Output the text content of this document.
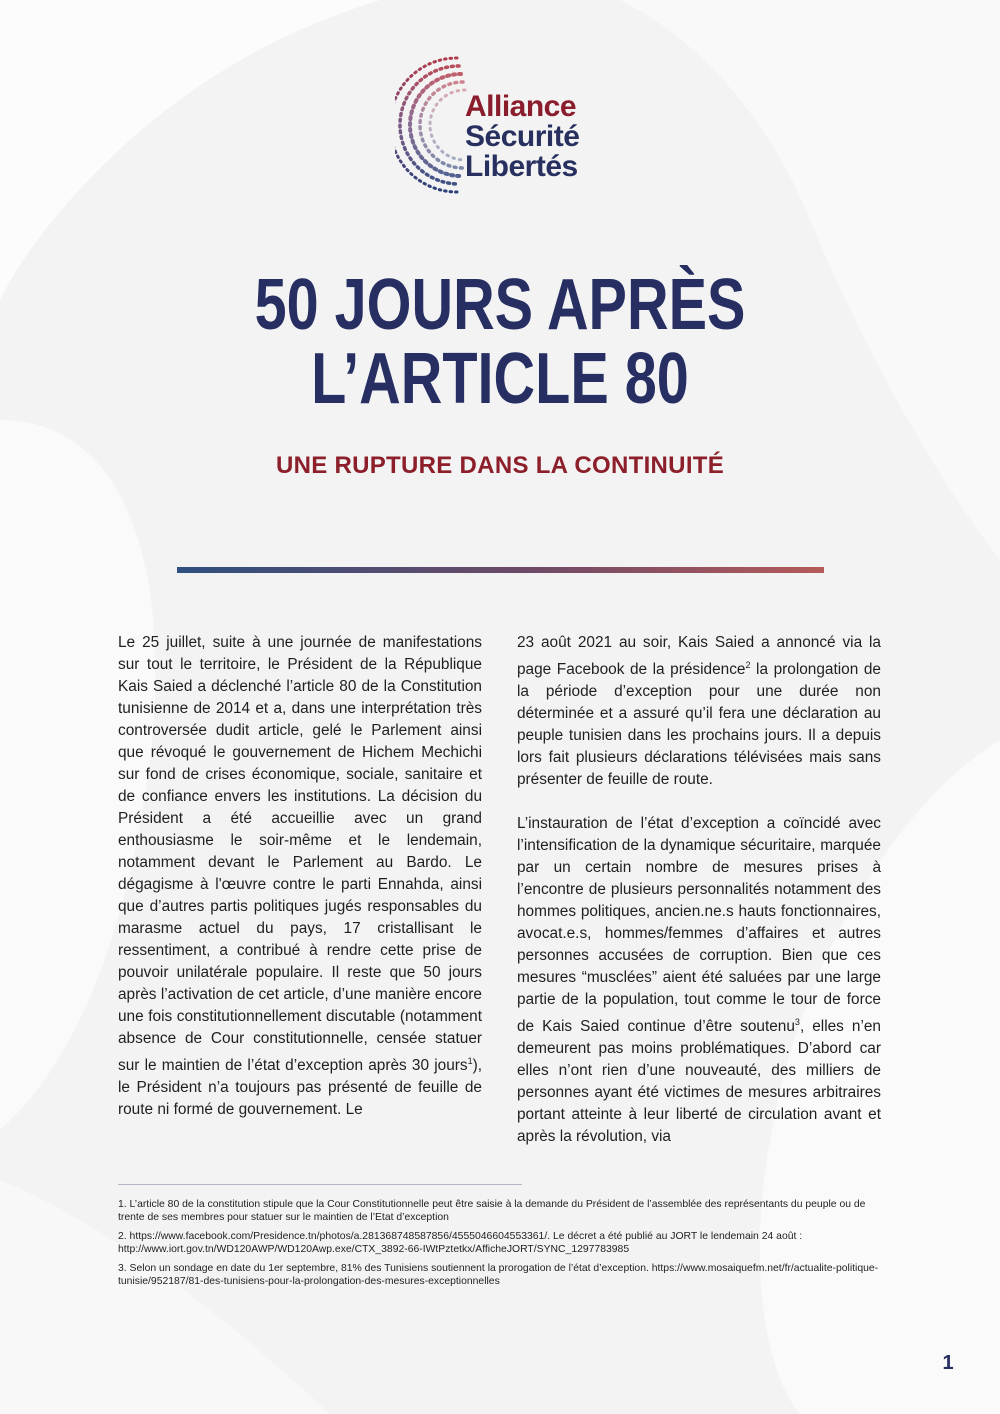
Alliance
Sécurité
Libertés
50 JOURS APRÈS
L’ARTICLE 80
UNE RUPTURE DANS LA CONTINUITÉ

Le 25 juillet, suite à une journée de manifestations sur tout le territoire, le Président de la République Kais Saied a déclenché l’article 80 de la Constitution tunisienne de 2014 et a, dans une interprétation très controversée dudit article, gelé le Parlement ainsi que révoqué le gouvernement de Hichem Mechichi sur fond de crises économique, sociale, sanitaire et de confiance envers les institutions. La décision du Président a été accueillie avec un grand enthousiasme le soir-même et le lendemain, notamment devant le Parlement au Bardo. Le dégagisme à l'œuvre contre le parti Ennahda, ainsi que d’autres partis politiques jugés responsables du marasme actuel du pays, 17 cristallisant le ressentiment, a contribué à rendre cette prise de pouvoir unilatérale populaire. Il reste que 50 jours après l’activation de cet article, d’une manière encore une fois constitutionnellement discutable (notamment absence de Cour constitutionnelle, censée statuer sur le maintien de l’état d’exception après 30 jours$^1$), le Président n’a toujours pas présenté de feuille de route ni formé de gouvernement. Le

23 août 2021 au soir, Kais Saied a annoncé via la page Facebook de la présidence$^2$ la prolongation de la période d’exception pour une durée non déterminée et a assuré qu’il fera une déclaration au peuple tunisien dans les prochains jours. Il a depuis lors fait plusieurs déclarations télévisées mais sans présenter de feuille de route.

L’instauration de l’état d’exception a coïncidé avec l’intensification de la dynamique sécuritaire, marquée par un certain nombre de mesures prises à l’encontre de plusieurs personnalités notamment des hommes politiques, ancien.ne.s hauts fonctionnaires, avocat.e.s, hommes/femmes d’affaires et autres personnes accusées de corruption. Bien que ces mesures “musclées” aient été saluées par une large partie de la population, tout comme le tour de force de Kais Saied continue d’être soutenu$^3$, elles n’en demeurent pas moins problématiques. D’abord car elles n’ont rien d’une nouveauté, des milliers de personnes ayant été victimes de mesures arbitraires portant atteinte à leur liberté de circulation avant et après la révolution, via

1. L’article 80 de la constitution stipule que la Cour Constitutionnelle peut être saisie à la demande du Président de l’assemblée des représentants du peuple ou de trente de ses membres pour statuer sur le maintien de l’Etat d’exception

2. https://www.facebook.com/Presidence.tn/photos/a.281368748587856/4555046604553361/. Le décret a été publié au JORT le lendemain 24 août : http://www.iort.gov.tn/WD120AWP/WD120Awp.exe/CTX_3892-66-IWtPztetkx/AfficheJORT/SYNC_1297783985

3. Selon un sondage en date du 1er septembre, 81% des Tunisiens soutiennent la prorogation de l’état d’exception. https://www.mosaiquefm.net/fr/actualite-politique-tunisie/952187/81-des-tunisiens-pour-la-prolongation-des-mesures-exceptionnelles

1
